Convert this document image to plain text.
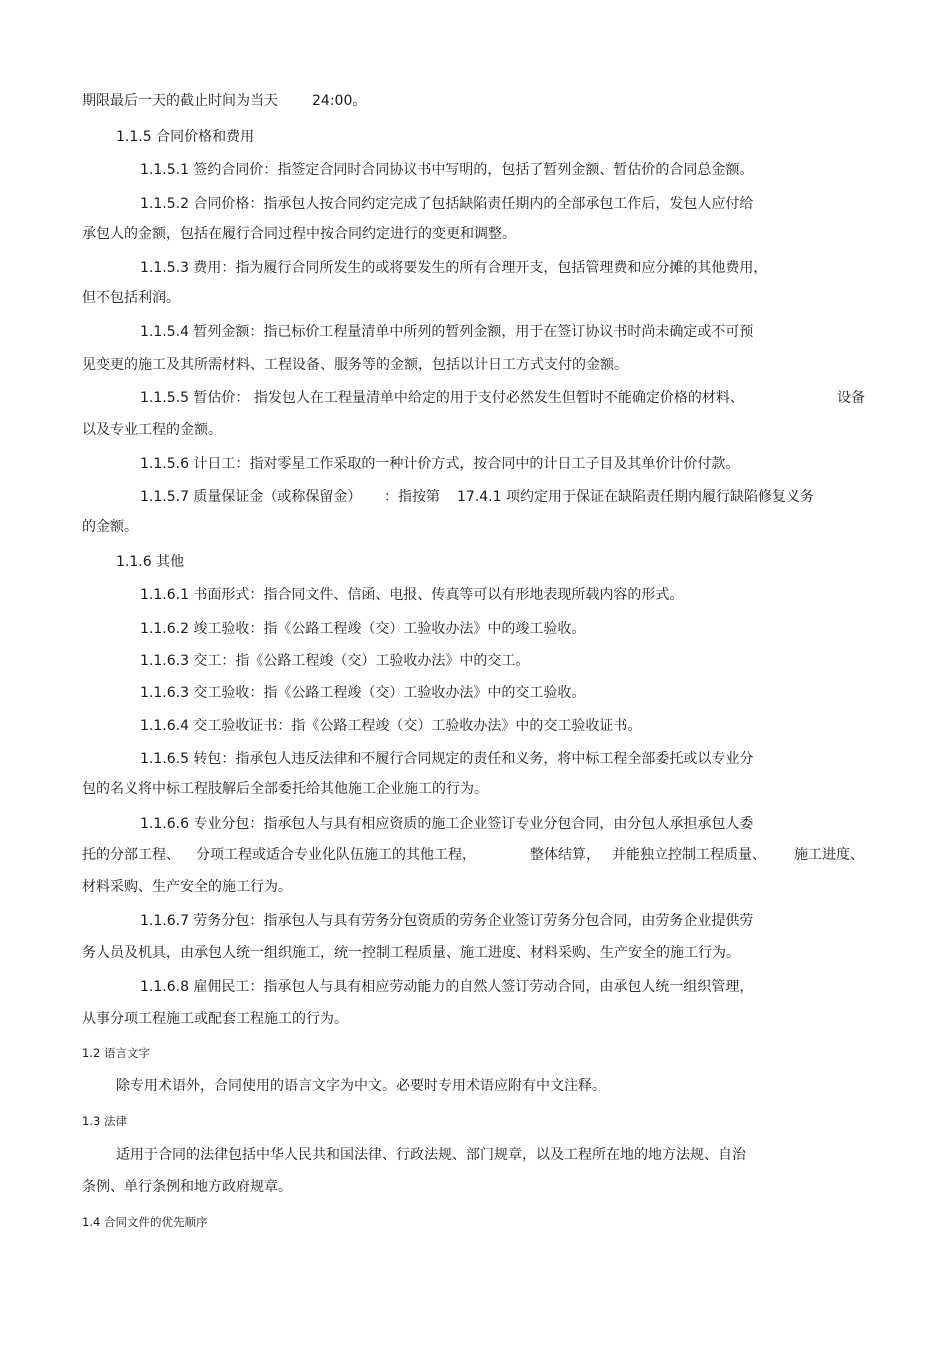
期限最后一天的截止时间为当天 24:00。
1.1.5 合同价格和费用
1.1.5.1 签约合同价：指签定合同时合同协议书中写明的，包括了暂列金额、暂估价的合同总金额。
1.1.5.2 合同价格：指承包人按合同约定完成了包括缺陷责任期内的全部承包工作后，发包人应付给
承包人的金额，包括在履行合同过程中按合同约定进行的变更和调整。
1.1.5.3 费用：指为履行合同所发生的或将要发生的所有合理开支，包括管理费和应分摊的其他费用，
但不包括利润。
1.1.5.4 暂列金额：指已标价工程量清单中所列的暂列金额，用于在签订协议书时尚未确定或不可预
见变更的施工及其所需材料、工程设备、服务等的金额，包括以计日工方式支付的金额。
1.1.5.5 暂估价： 指发包人在工程量清单中给定的用于支付必然发生但暂时不能确定价格的材料、	设备
以及专业工程的金额。
1.1.5.6 计日工：指对零星工作采取的一种计价方式，按合同中的计日工子目及其单价计价付款。
1.1.5.7 质量保证金（或称保留金） ：指按第 17.4.1 项约定用于保证在缺陷责任期内履行缺陷修复义务
的金额。
1.1.6 其他
1.1.6.1 书面形式：指合同文件、信函、电报、传真等可以有形地表现所载内容的形式。
1.1.6.2 竣工验收：指《公路工程竣（交）工验收办法》中的竣工验收。
1.1.6.3 交工：指《公路工程竣（交）工验收办法》中的交工。
1.1.6.3 交工验收：指《公路工程竣（交）工验收办法》中的交工验收。
1.1.6.4 交工验收证书：指《公路工程竣（交）工验收办法》中的交工验收证书。
1.1.6.5 转包：指承包人违反法律和不履行合同规定的责任和义务，将中标工程全部委托或以专业分
包的名义将中标工程肢解后全部委托给其他施工企业施工的行为。
1.1.6.6 专业分包：指承包人与具有相应资质的施工企业签订专业分包合同，由分包人承担承包人委
托的分部工程、 分项工程或适合专业化队伍施工的其他工程，	整体结算， 并能独立控制工程质量、 施工进度、
材料采购、生产安全的施工行为。
1.1.6.7 劳务分包：指承包人与具有劳务分包资质的劳务企业签订劳务分包合同，由劳务企业提供劳
务人员及机具，由承包人统一组织施工，统一控制工程质量、施工进度、材料采购、生产安全的施工行为。
1.1.6.8 雇佣民工：指承包人与具有相应劳动能力的自然人签订劳动合同，由承包人统一组织管理，
从事分项工程施工或配套工程施工的行为。
1.2 语言文字
除专用术语外，合同使用的语言文字为中文。必要时专用术语应附有中文注释。
1.3 法律
适用于合同的法律包括中华人民共和国法律、行政法规、部门规章，以及工程所在地的地方法规、自治
条例、单行条例和地方政府规章。
1.4 合同文件的优先顺序
